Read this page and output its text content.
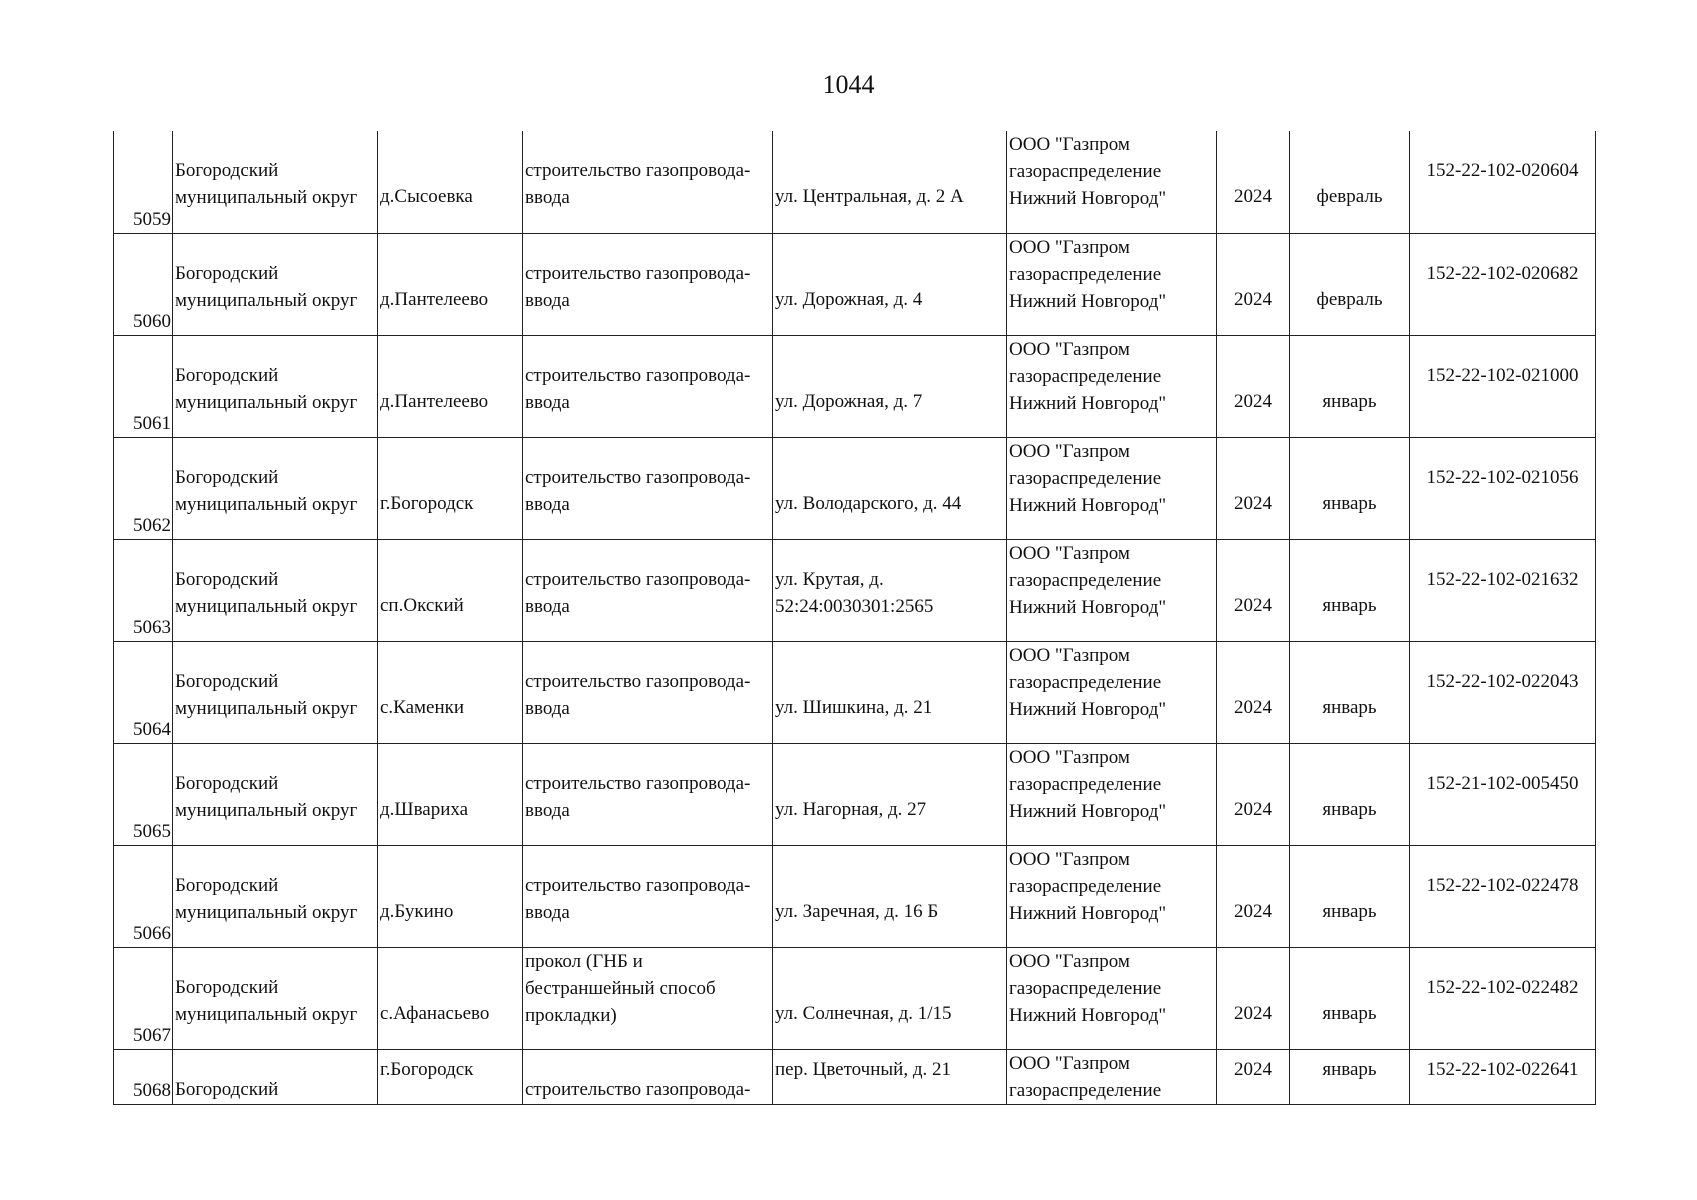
1044
5059	Богородский муниципальный округ	д.Сысоевка	строительство газопровода-ввода	ул. Центральная, д. 2 А	ООО "Газпром газораспределение Нижний Новгород"	2024	февраль	152-22-102-020604
5060	Богородский муниципальный округ	д.Пантелеево	строительство газопровода-ввода	ул. Дорожная, д. 4	ООО "Газпром газораспределение Нижний Новгород"	2024	февраль	152-22-102-020682
5061	Богородский муниципальный округ	д.Пантелеево	строительство газопровода-ввода	ул. Дорожная, д. 7	ООО "Газпром газораспределение Нижний Новгород"	2024	январь	152-22-102-021000
5062	Богородский муниципальный округ	г.Богородск	строительство газопровода-ввода	ул. Володарского, д. 44	ООО "Газпром газораспределение Нижний Новгород"	2024	январь	152-22-102-021056
5063	Богородский муниципальный округ	сп.Окский	строительство газопровода-ввода	ул. Крутая, д. 52:24:0030301:2565	ООО "Газпром газораспределение Нижний Новгород"	2024	январь	152-22-102-021632
5064	Богородский муниципальный округ	с.Каменки	строительство газопровода-ввода	ул. Шишкина, д. 21	ООО "Газпром газораспределение Нижний Новгород"	2024	январь	152-22-102-022043
5065	Богородский муниципальный округ	д.Швариха	строительство газопровода-ввода	ул. Нагорная, д. 27	ООО "Газпром газораспределение Нижний Новгород"	2024	январь	152-21-102-005450
5066	Богородский муниципальный округ	д.Букино	строительство газопровода-ввода	ул. Заречная, д. 16 Б	ООО "Газпром газораспределение Нижний Новгород"	2024	январь	152-22-102-022478
5067	Богородский муниципальный округ	с.Афанасьево	прокол (ГНБ и бестраншейный способ прокладки)	ул. Солнечная, д. 1/15	ООО "Газпром газораспределение Нижний Новгород"	2024	январь	152-22-102-022482
5068	Богородский	г.Богородск	строительство газопровода-	пер. Цветочный, д. 21	ООО "Газпром газораспределение	2024	январь	152-22-102-022641
